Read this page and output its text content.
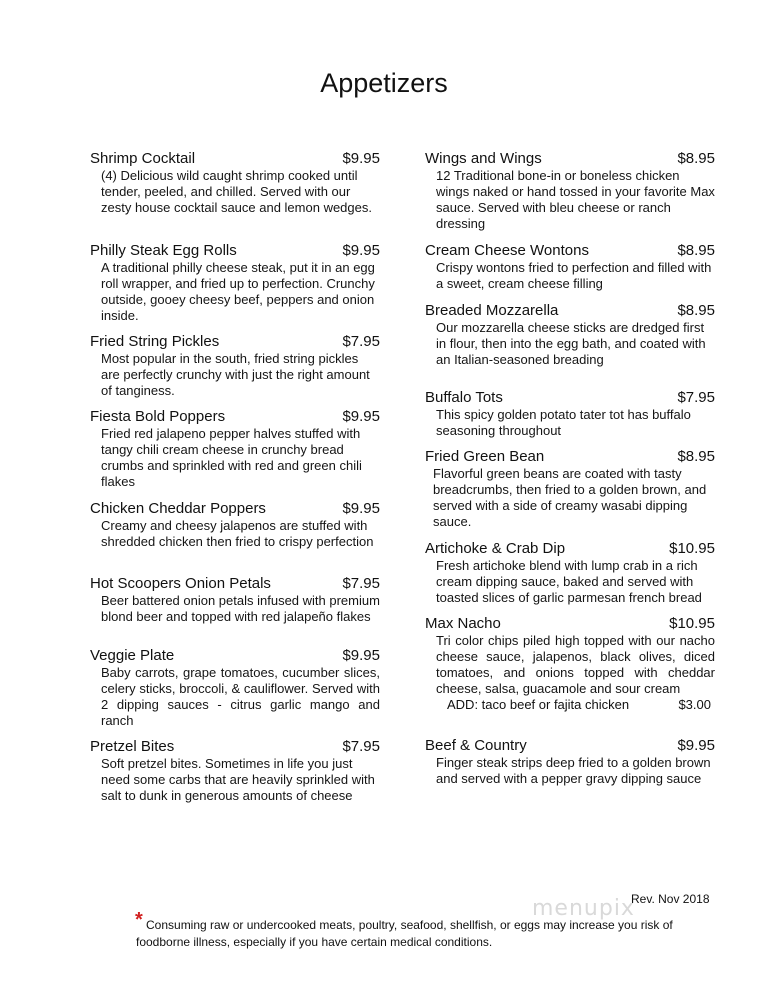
Appetizers
Shrimp Cocktail	$9.95
(4) Delicious wild caught shrimp cooked until tender, peeled, and chilled. Served with our zesty house cocktail sauce and lemon wedges.
Philly Steak Egg Rolls	$9.95
A traditional philly cheese steak, put it in an egg roll wrapper, and fried up to perfection. Crunchy outside, gooey cheesy beef, peppers and onion inside.
Fried String Pickles	$7.95
Most popular in the south, fried string pickles are perfectly crunchy with just the right amount of tanginess.
Fiesta Bold Poppers	$9.95
Fried red jalapeno pepper halves stuffed with tangy chili cream cheese in crunchy bread crumbs and sprinkled with red and green chili flakes
Chicken Cheddar Poppers	$9.95
Creamy and cheesy jalapenos are stuffed with shredded chicken then fried to crispy perfection
Hot Scoopers Onion Petals	$7.95
Beer battered onion petals infused with premium blond beer and topped with red jalapeño flakes
Veggie Plate	$9.95
Baby carrots, grape tomatoes, cucumber slices, celery sticks, broccoli, & cauliflower. Served with 2 dipping sauces - citrus garlic mango and ranch
Pretzel Bites	$7.95
Soft pretzel bites. Sometimes in life you just need some carbs that are heavily sprinkled with salt to dunk in generous amounts of cheese
Wings and Wings	$8.95
12 Traditional bone-in or boneless chicken wings naked or hand tossed in your favorite Max sauce. Served with bleu cheese or ranch dressing
Cream Cheese Wontons	$8.95
Crispy wontons fried to perfection and filled with a sweet, cream cheese filling
Breaded Mozzarella	$8.95
Our mozzarella cheese sticks are dredged first in flour, then into the egg bath, and coated with an Italian-seasoned breading
Buffalo Tots	$7.95
This spicy golden potato tater tot has buffalo seasoning throughout
Fried Green Bean	$8.95
Flavorful green beans are coated with tasty breadcrumbs, then fried to a golden brown, and served with a side of creamy wasabi dipping sauce.
Artichoke & Crab Dip	$10.95
Fresh artichoke blend with lump crab in a rich cream dipping sauce, baked and served with toasted slices of garlic parmesan french bread
Max Nacho	$10.95
Tri color chips piled high topped with our nacho cheese sauce, jalapenos, black olives, diced tomatoes, and onions topped with cheddar cheese, salsa, guacamole and sour cream
ADD: taco beef or fajita chicken	$3.00
Beef & Country	$9.95
Finger steak strips deep fried to a golden brown and served with a pepper gravy dipping sauce
menupix
Rev. Nov 2018
* Consuming raw or undercooked meats, poultry, seafood, shellfish, or eggs may increase you risk of
foodborne illness, especially if you have certain medical conditions.
